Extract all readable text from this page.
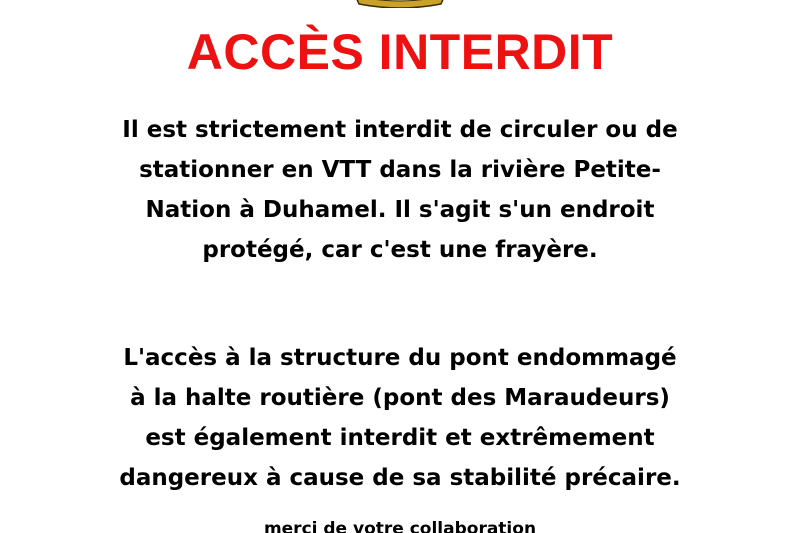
ACCÈS INTERDIT

Il est strictement interdit de circuler ou de
stationner en VTT dans la rivière Petite-
Nation à Duhamel. Il s'agit s'un endroit
protégé, car c'est une frayère.

L'accès à la structure du pont endommagé
à la halte routière (pont des Maraudeurs)
est également interdit et extrêmement
dangereux à cause de sa stabilité précaire.

merci de votre collaboration
